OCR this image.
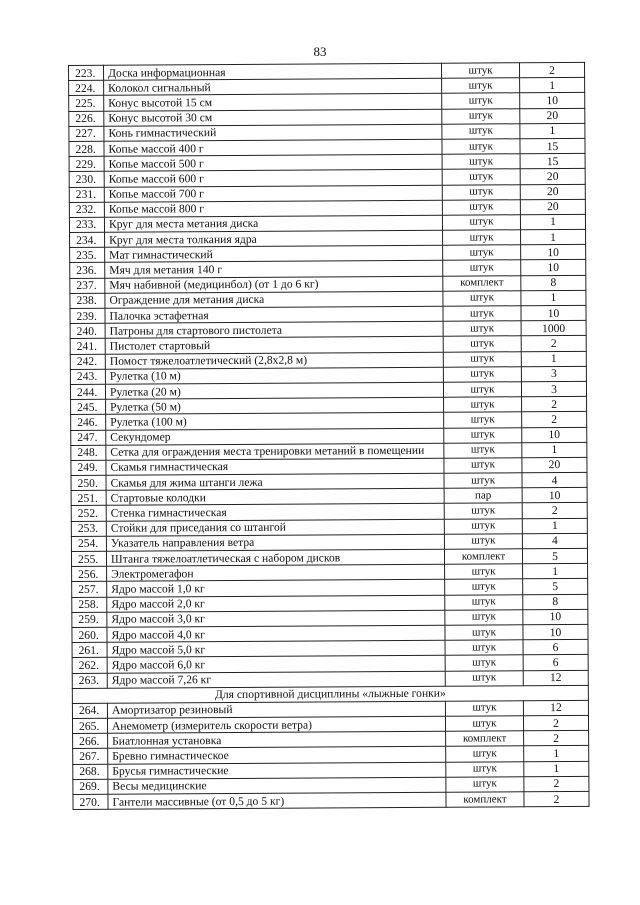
83
223.	Доска информационная	штук	2
224.	Колокол сигнальный	штук	1
225.	Конус высотой 15 см	штук	10
226.	Конус высотой 30 см	штук	20
227.	Конь гимнастический	штук	1
228.	Копье массой 400 г	штук	15
229.	Копье массой 500 г	штук	15
230.	Копье массой 600 г	штук	20
231.	Копье массой 700 г	штук	20
232.	Копье массой 800 г	штук	20
233.	Круг для места метания диска	штук	1
234.	Круг для места толкания ядра	штук	1
235.	Мат гимнастический	штук	10
236.	Мяч для метания 140 г	штук	10
237.	Мяч набивной (медицинбол) (от 1 до 6 кг)	комплект	8
238.	Ограждение для метания диска	штук	1
239.	Палочка эстафетная	штук	10
240.	Патроны для стартового пистолета	штук	1000
241.	Пистолет стартовый	штук	2
242.	Помост тяжелоатлетический (2,8x2,8 м)	штук	1
243.	Рулетка (10 м)	штук	3
244.	Рулетка (20 м)	штук	3
245.	Рулетка (50 м)	штук	2
246.	Рулетка (100 м)	штук	2
247.	Секундомер	штук	10
248.	Сетка для ограждения места тренировки метаний в помещении	штук	1
249.	Скамья гимнастическая	штук	20
250.	Скамья для жима штанги лежа	штук	4
251.	Стартовые колодки	пар	10
252.	Стенка гимнастическая	штук	2
253.	Стойки для приседания со штангой	штук	1
254.	Указатель направления ветра	штук	4
255.	Штанга тяжелоатлетическая с набором дисков	комплект	5
256.	Электромегафон	штук	1
257.	Ядро массой 1,0 кг	штук	5
258.	Ядро массой 2,0 кг	штук	8
259.	Ядро массой 3,0 кг	штук	10
260.	Ядро массой 4,0 кг	штук	10
261.	Ядро массой 5,0 кг	штук	6
262.	Ядро массой 6,0 кг	штук	6
263.	Ядро массой 7,26 кг	штук	12
Для спортивной дисциплины «лыжные гонки»			
264.	Амортизатор резиновый	штук	12
265.	Анемометр (измеритель скорости ветра)	штук	2
266.	Биатлонная установка	комплект	2
267.	Бревно гимнастическое	штук	1
268.	Брусья гимнастические	штук	1
269.	Весы медицинские	штук	2
270.	Гантели массивные (от 0,5 до 5 кг)	комплект	2
